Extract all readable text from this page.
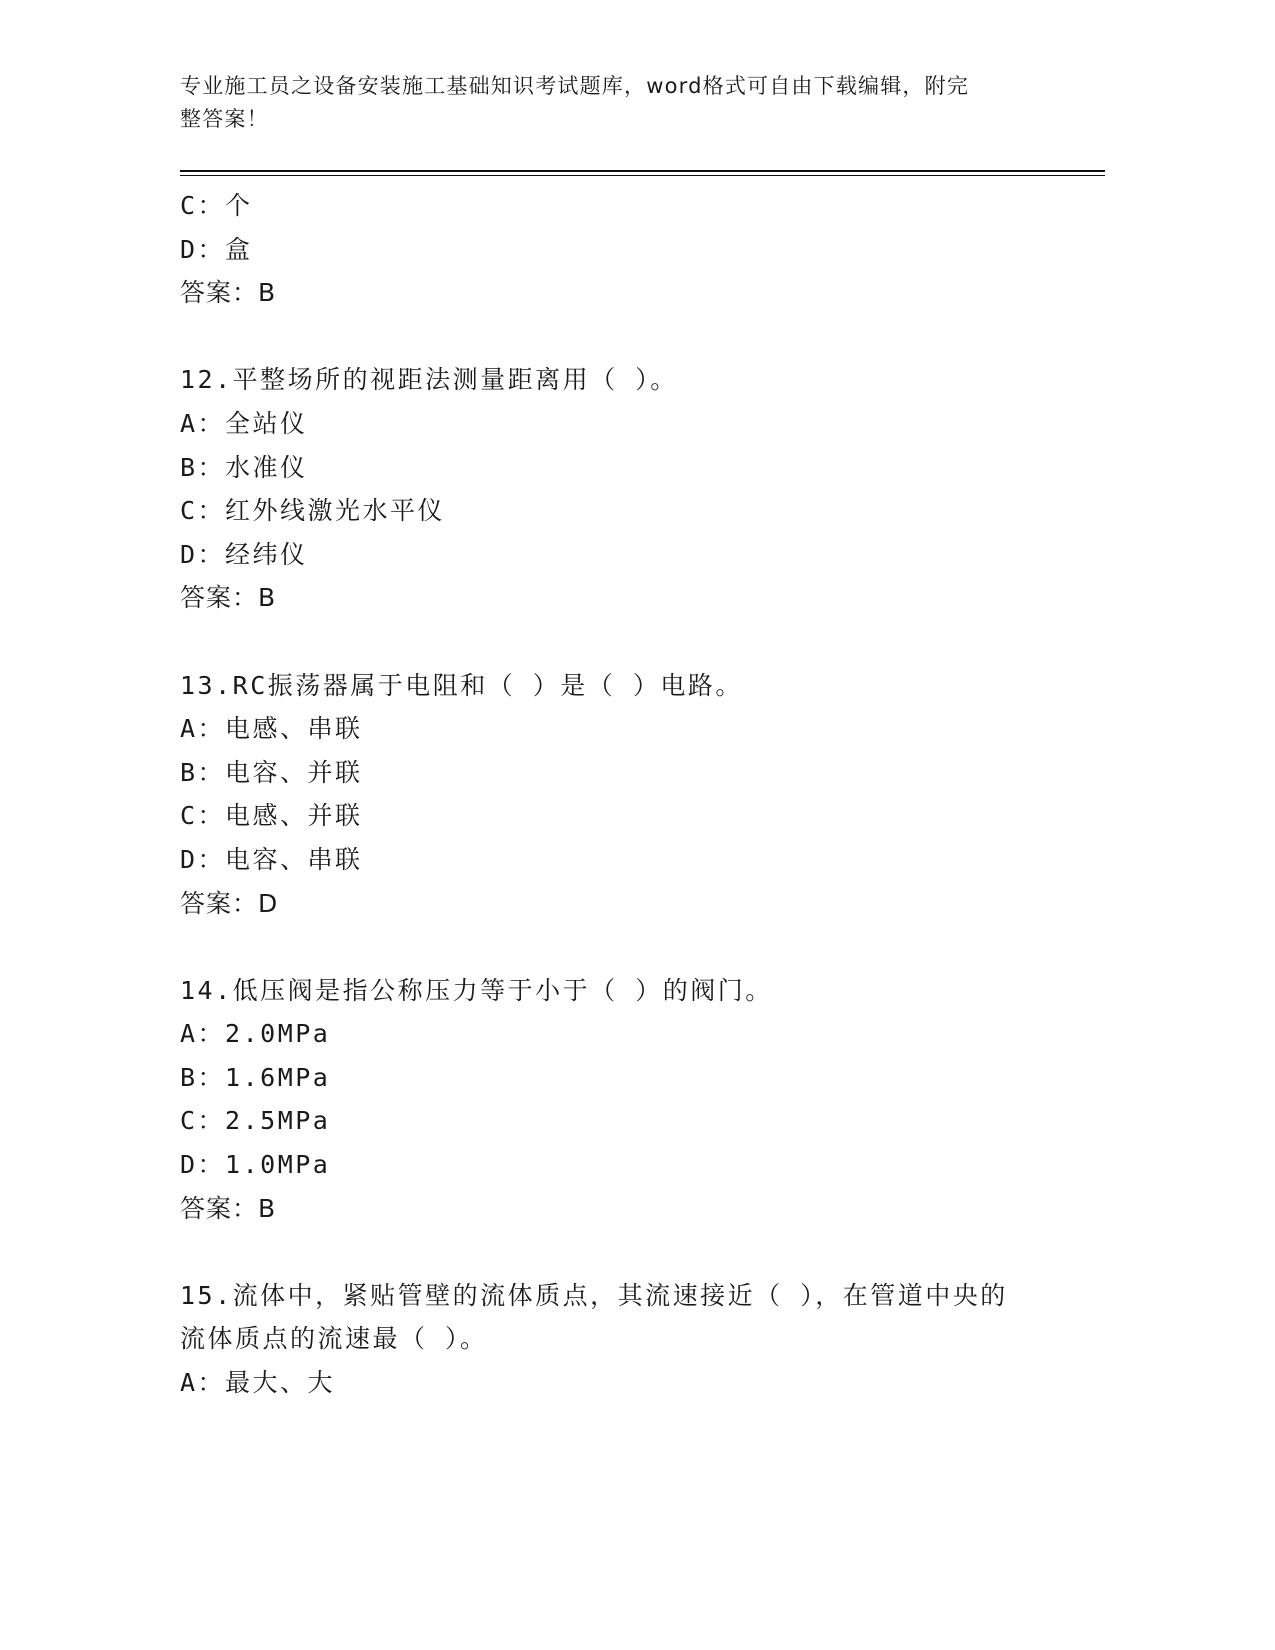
专业施工员之设备安装施工基础知识考试题库，word格式可自由下载编辑，附完
整答案！
C：个
D：盒
答案：B
12.平整场所的视距法测量距离用（ ）。
A：全站仪
B：水准仪
C：红外线激光水平仪
D：经纬仪
答案：B
13.RC振荡器属于电阻和（ ）是（ ）电路。
A：电感、串联
B：电容、并联
C：电感、并联
D：电容、串联
答案：D
14.低压阀是指公称压力等于小于（ ）的阀门。
A：2.0MPa
B：1.6MPa
C：2.5MPa
D：1.0MPa
答案：B
15.流体中，紧贴管壁的流体质点，其流速接近（ ），在管道中央的
流体质点的流速最（ ）。
A：最大、大
